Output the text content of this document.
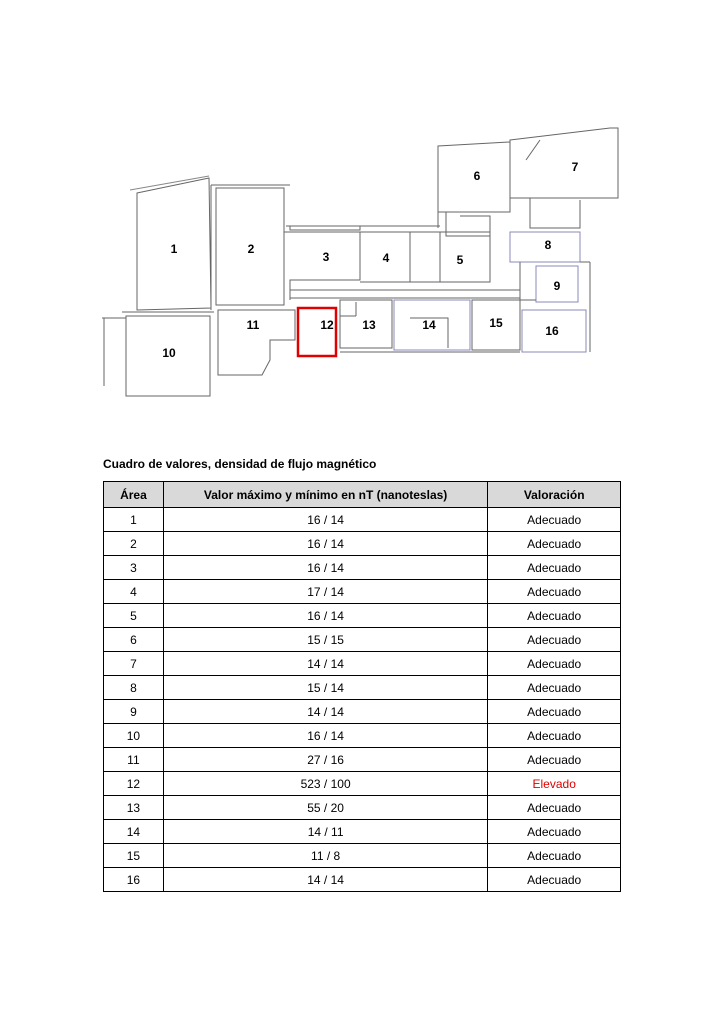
1	2
3	4	5
6
7
8
9
10
11	12 13	14	15
16
Cuadro de valores, densidad de flujo magnético
Área	Valor máximo y mínimo en nT (nanoteslas)	Valoración
1	16 / 14	Adecuado
2	16 / 14	Adecuado
3	16 / 14	Adecuado
4	17 / 14	Adecuado
5	16 / 14	Adecuado
6	15 / 15	Adecuado
7	14 / 14	Adecuado
8	15 / 14	Adecuado
9	14 / 14	Adecuado
10	16 / 14	Adecuado
11	27 / 16	Adecuado
12	523 / 100	Elevado
13	55 / 20	Adecuado
14	14 / 11	Adecuado
15	11 / 8	Adecuado
16	14 / 14	Adecuado
